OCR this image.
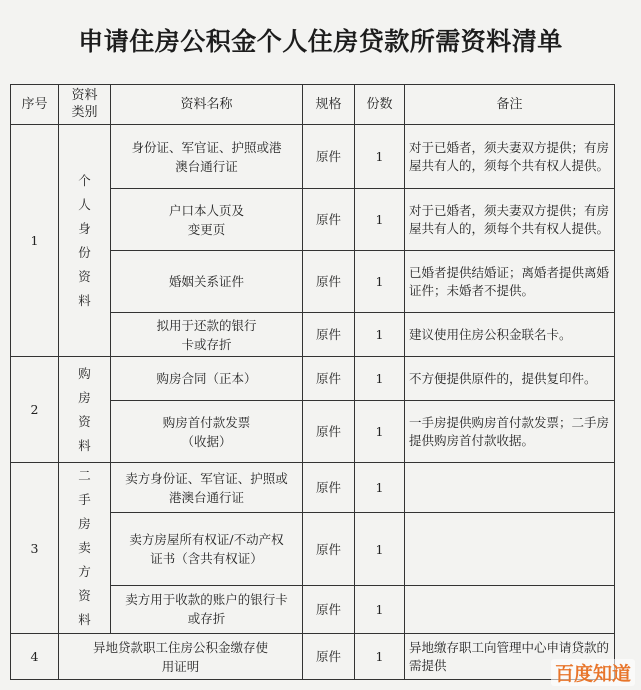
申请住房公积金个人住房贷款所需资料清单
序号	资料类别	资料名称	规格	份数	备注
1	个人身份资料	身份证、军官证、护照或港澳台通行证	原件	1	对于已婚者，须夫妻双方提供；有房屋共有人的，须每个共有权人提供。
		户口本人页及变更页	原件	1	对于已婚者，须夫妻双方提供；有房屋共有人的，须每个共有权人提供。
		婚姻关系证件	原件	1	已婚者提供结婚证；离婚者提供离婚证件；未婚者不提供。
		拟用于还款的银行卡或存折	原件	1	建议使用住房公积金联名卡。
2	购房资料	购房合同（正本）	原件	1	不方便提供原件的，提供复印件。
		购房首付款发票（收据）	原件	1	一手房提供购房首付款发票；二手房提供购房首付款收据。
3	二手房卖方资料	卖方身份证、军官证、护照或港澳台通行证	原件	1	
		卖方房屋所有权证/不动产权证书（含共有权证）	原件	1	
		卖方用于收款的账户的银行卡或存折	原件	1	
4	异地贷款职工住房公积金缴存使用证明		原件	1	异地缴存职工向管理中心申请贷款的需提供	百度知道
